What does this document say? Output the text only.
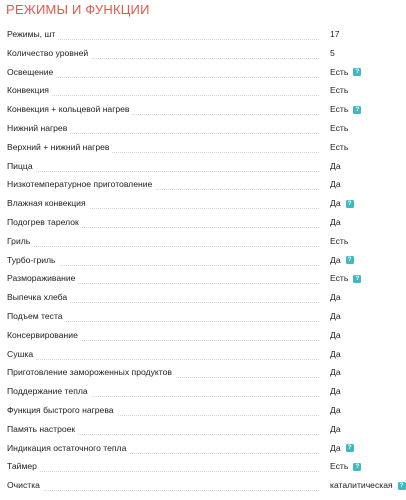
РЕЖИМЫ И ФУНКЦИИ
Режимы, шт	17
Количество уровней	5
Освещение	Есть	?
Конвекция	Есть
Конвекция + кольцевой нагрев	Есть	?
Нижний нагрев	Есть
Верхний + нижний нагрев	Есть
Пицца	Да
Низкотемпературное приготовление	Да
Влажная конвекция	Да	?
Подогрев тарелок	Да
Гриль	Есть
Турбо-гриль	Да	?
Размораживание	Есть	?
Выпечка хлеба	Да
Подъем теста	Да
Консервирование	Да
Сушка	Да
Приготовление замороженных продуктов	Да
Поддержание тепла	Да
Функция быстрого нагрева	Да
Память настроек	Да
Индикация остаточного тепла	Да	?
Таймер	Есть	?
Очистка	каталитическая	?
